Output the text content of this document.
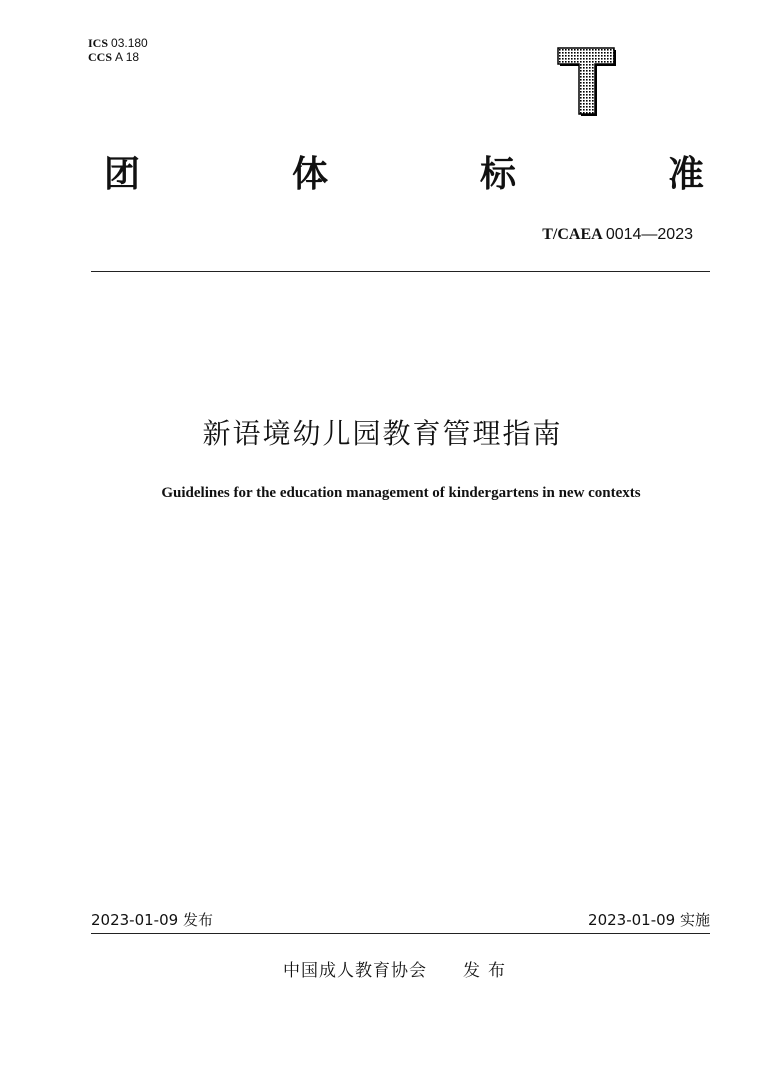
ICS 03.180
CCS A 18
团	体	标	准
T/CAEA 0014—2023
新语境幼儿园教育管理指南
Guidelines for the education management of kindergartens in new contexts
2023-01-09 发布	2023-01-09 实施
中国成人教育协会 发布
